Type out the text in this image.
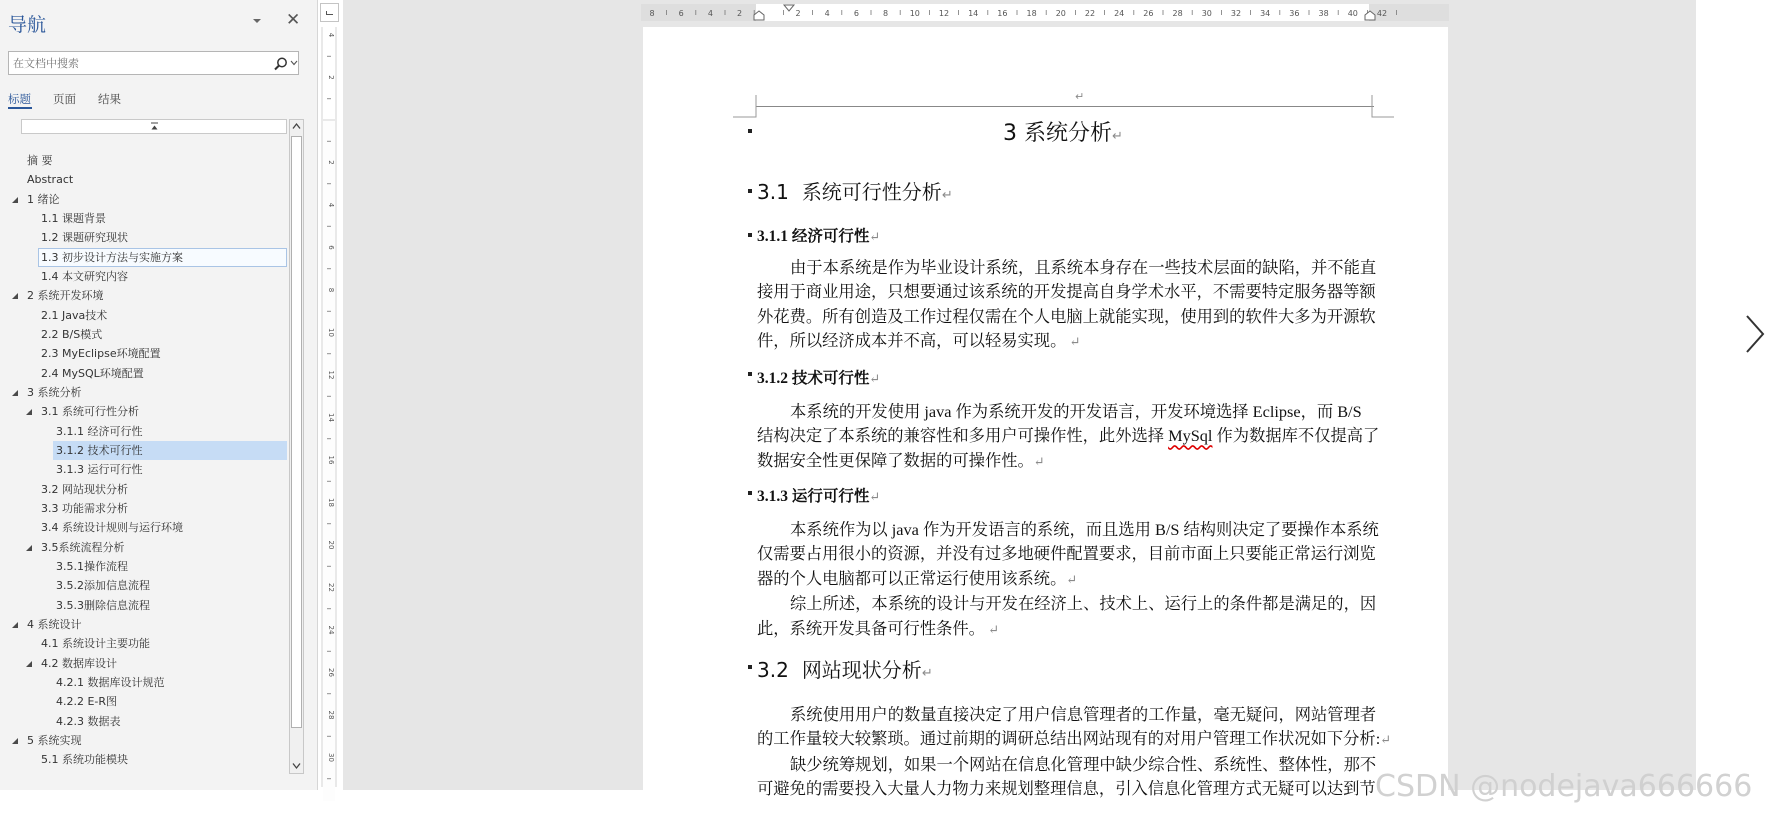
导航	✕
在文档中搜索
标题 页面 结果
摘 要
Abstract
1 绪论
1.1 课题背景
1.2 课题研究现状
1.3 初步设计方法与实施方案
1.4 本文研究内容
2 系统开发环境
2.1 Java技术
2.2 B/S模式
2.3 MyEclipse环境配置
2.4 MySQL环境配置
3 系统分析
3.1 系统可行性分析
3.1.1 经济可行性
3.1.2 技术可行性
3.1.3 运行可行性
3.2 网站现状分析
3.3 功能需求分析
3.4 系统设计规则与运行环境
3.5系统流程分析
3.5.1操作流程
3.5.2添加信息流程
3.5.3删除信息流程
4 系统设计
4.1 系统设计主要功能
4.2 数据库设计
4.2.1 数据库设计规范
4.2.2 E-R图
4.2.3 数据表
5 系统实现
5.1 系统功能模块
4
2
2
4
6
8
10
12
14
16
18
20
22
24
26
28
30
8	6	4	2	2	4	6	8	10 12 14 16 18 20 22 24 26 28 30 32 34 36 38 40 42
↵
3 系统分析↵
3.1 系统可行性分析↵
3.1.1 经济可行性↵
由于本系统是作为毕业设计系统，且系统本身存在一些技术层面的缺陷，并不能直
接用于商业用途，只想要通过该系统的开发提高自身学术水平，不需要特定服务器等额
外花费。所有创造及工作过程仅需在个人电脑上就能实现，使用到的软件大多为开源软
件，所以经济成本并不高，可以轻易实现。 ↵
3.1.2 技术可行性↵
本系统的开发使用 java 作为系统开发的开发语言，开发环境选择 Eclipse，而 B/S
结构决定了本系统的兼容性和多用户可操作性，此外选择 MySql 作为数据库不仅提高了
数据安全性更保障了数据的可操作性。↵
3.1.3 运行可行性↵
本系统作为以 java 作为开发语言的系统，而且选用 B/S 结构则决定了要操作本系统
仅需要占用很小的资源，并没有过多地硬件配置要求，目前市面上只要能正常运行浏览
器的个人电脑都可以正常运行使用该系统。↵
综上所述，本系统的设计与开发在经济上、技术上、运行上的条件都是满足的，因
此，系统开发具备可行性条件。 ↵
3.2 网站现状分析↵
系统使用用户的数量直接决定了用户信息管理者的工作量，毫无疑问，网站管理者
的工作量较大较繁琐。通过前期的调研总结出网站现有的对用户管理工作状况如下分析:↵
缺少统筹规划，如果一个网站在信息化管理中缺少综合性、系统性、整体性，那不
可避免的需要投入大量人力物力来规划整理信息，引入信息化管理方式无疑可以达到节 CSDN @nodejava666666
